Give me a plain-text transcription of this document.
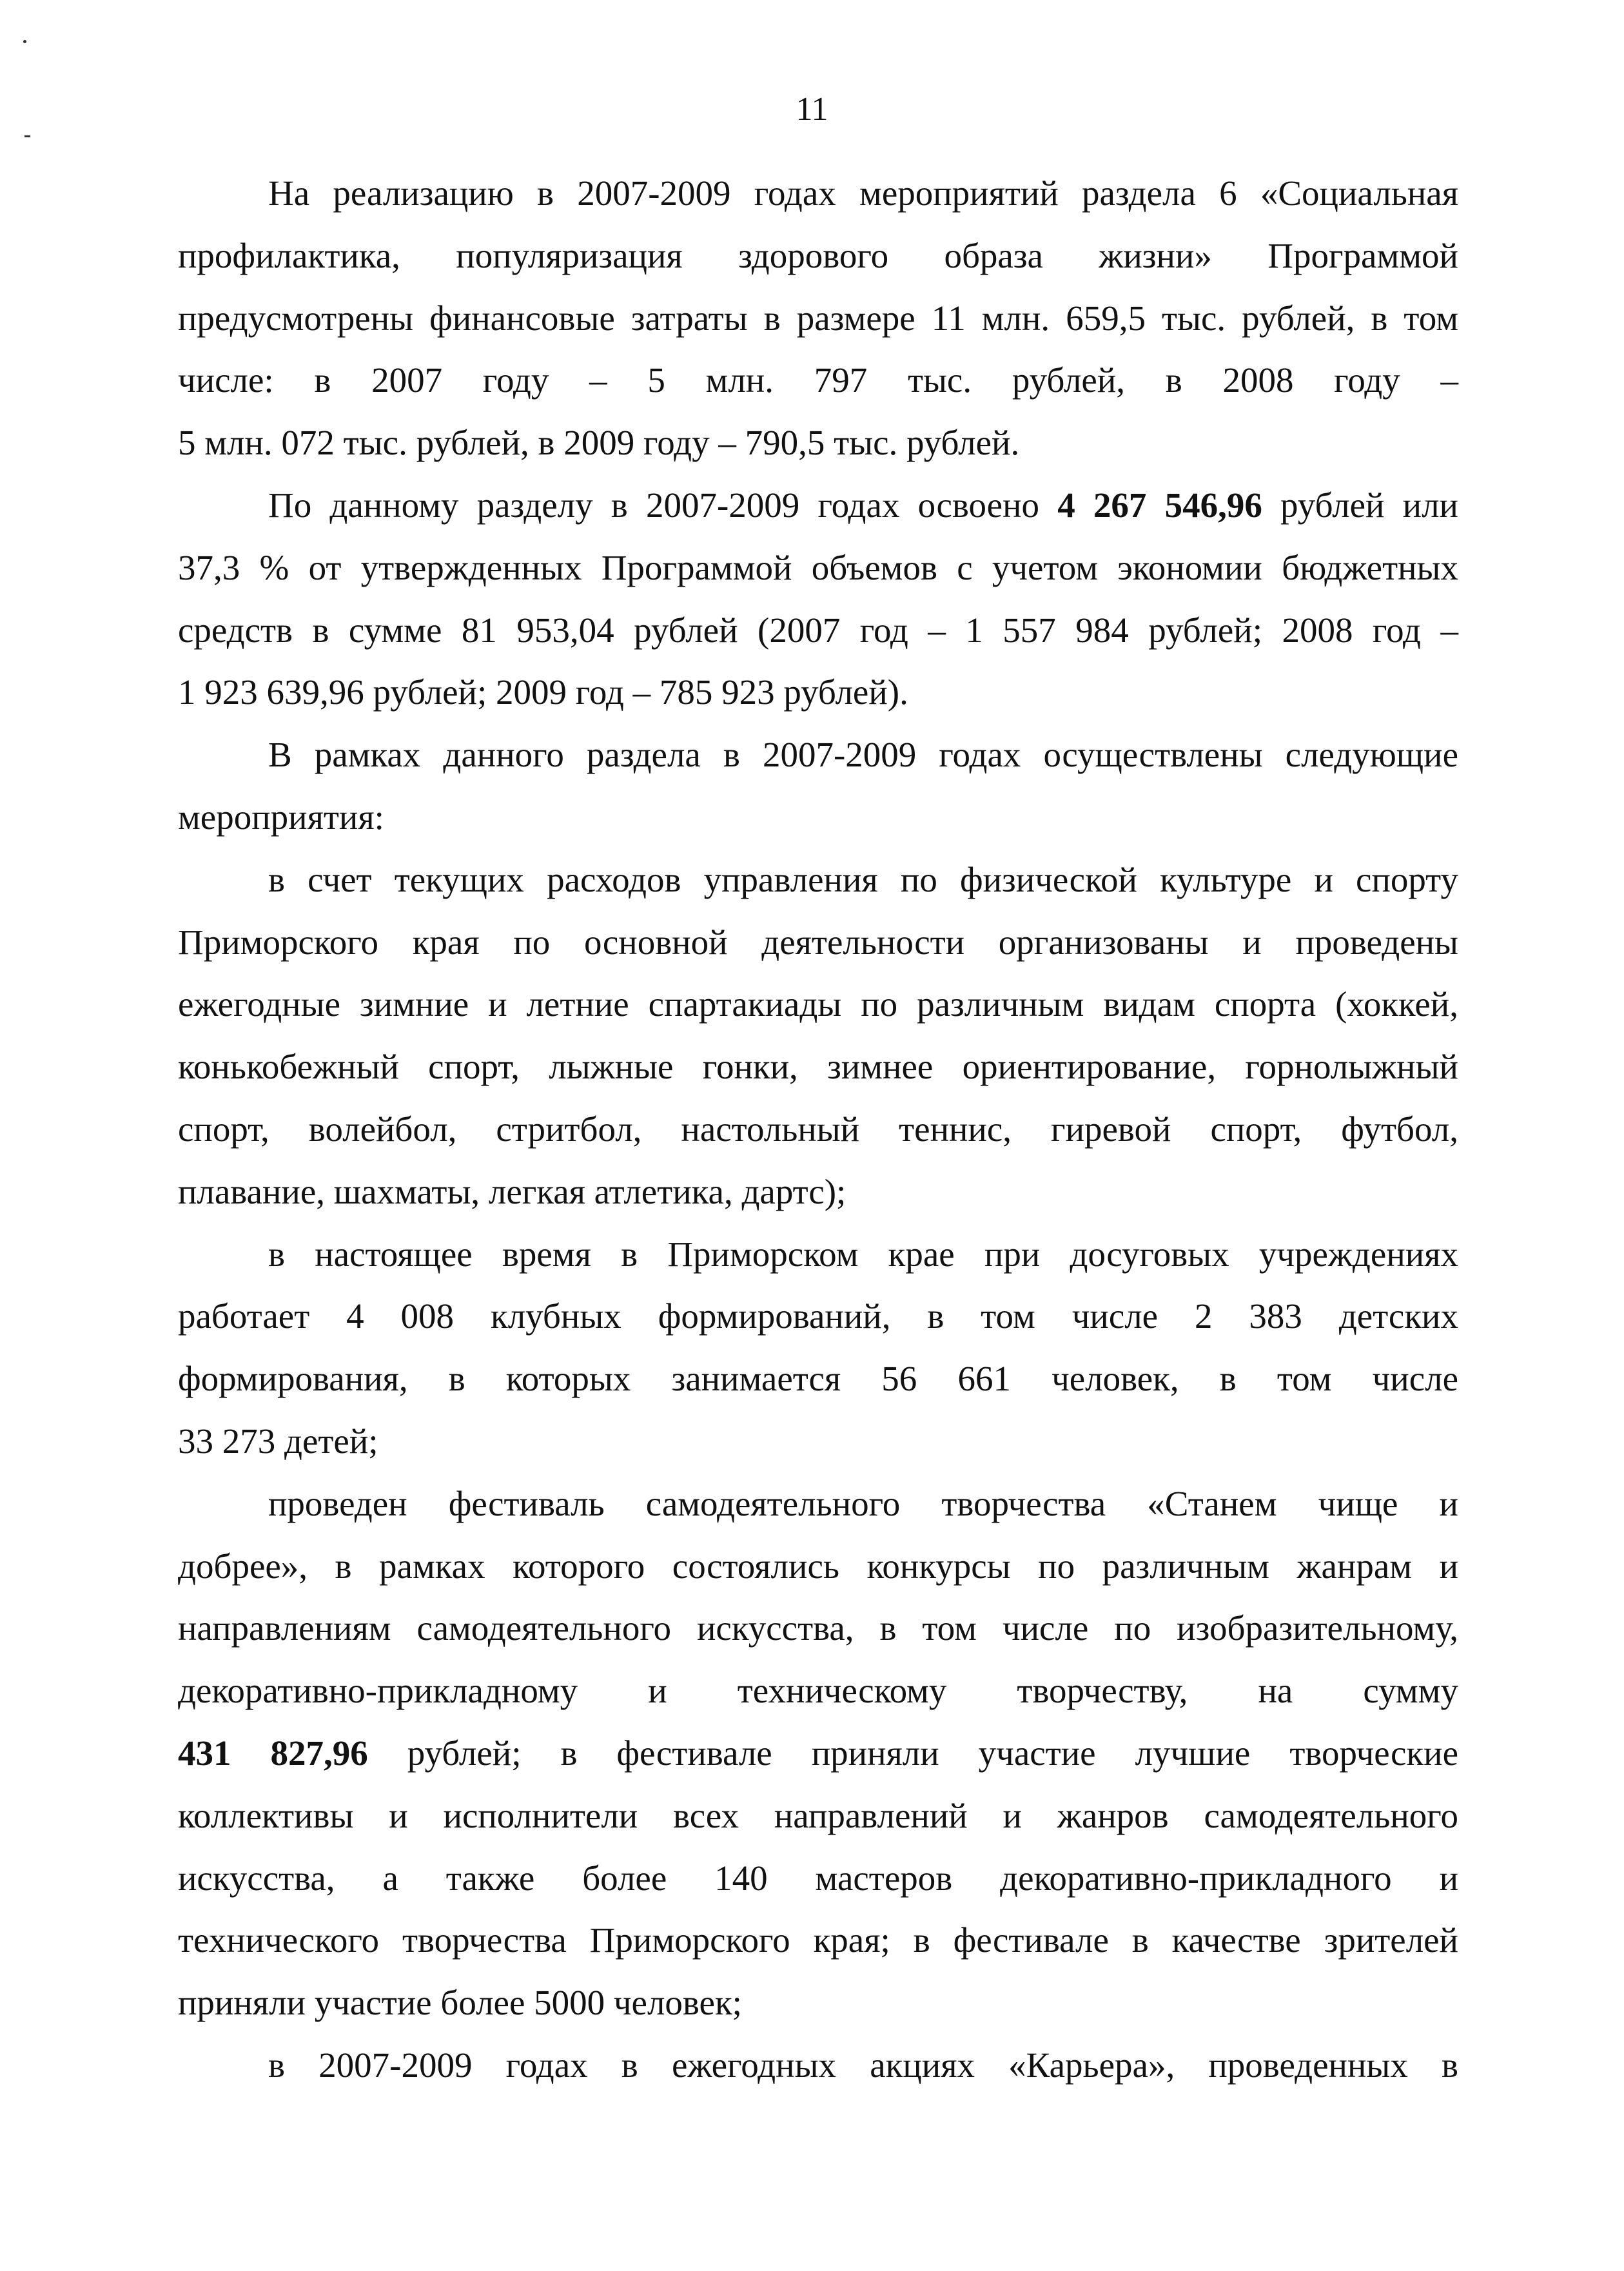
11
На реализацию в 2007-2009 годах мероприятий раздела 6 «Социальная
профилактика, популяризация здорового образа жизни» Программой
предусмотрены финансовые затраты в размере 11 млн. 659,5 тыс. рублей, в том
числе: в 2007 году – 5 млн. 797 тыс. рублей, в 2008 году –
5 млн. 072 тыс. рублей, в 2009 году – 790,5 тыс. рублей.
По данному разделу в 2007-2009 годах освоено 4 267 546,96 рублей или
37,3 % от утвержденных Программой объемов с учетом экономии бюджетных
средств в сумме 81 953,04 рублей (2007 год – 1 557 984 рублей; 2008 год –
1 923 639,96 рублей; 2009 год – 785 923 рублей).
В рамках данного раздела в 2007-2009 годах осуществлены следующие
мероприятия:
в счет текущих расходов управления по физической культуре и спорту
Приморского края по основной деятельности организованы и проведены
ежегодные зимние и летние спартакиады по различным видам спорта (хоккей,
конькобежный спорт, лыжные гонки, зимнее ориентирование, горнолыжный
спорт, волейбол, стритбол, настольный теннис, гиревой спорт, футбол,
плавание, шахматы, легкая атлетика, дартс);
в настоящее время в Приморском крае при досуговых учреждениях
работает 4 008 клубных формирований, в том числе 2 383 детских
формирования, в которых занимается 56 661 человек, в том числе
33 273 детей;
проведен фестиваль самодеятельного творчества «Станем чище и
добрее», в рамках которого состоялись конкурсы по различным жанрам и
направлениям самодеятельного искусства, в том числе по изобразительному,
декоративно-прикладному и техническому творчеству, на сумму
431 827,96 рублей; в фестивале приняли участие лучшие творческие
коллективы и исполнители всех направлений и жанров самодеятельного
искусства, а также более 140 мастеров декоративно-прикладного и
технического творчества Приморского края; в фестивале в качестве зрителей
приняли участие более 5000 человек;
в 2007-2009 годах в ежегодных акциях «Карьера», проведенных в
